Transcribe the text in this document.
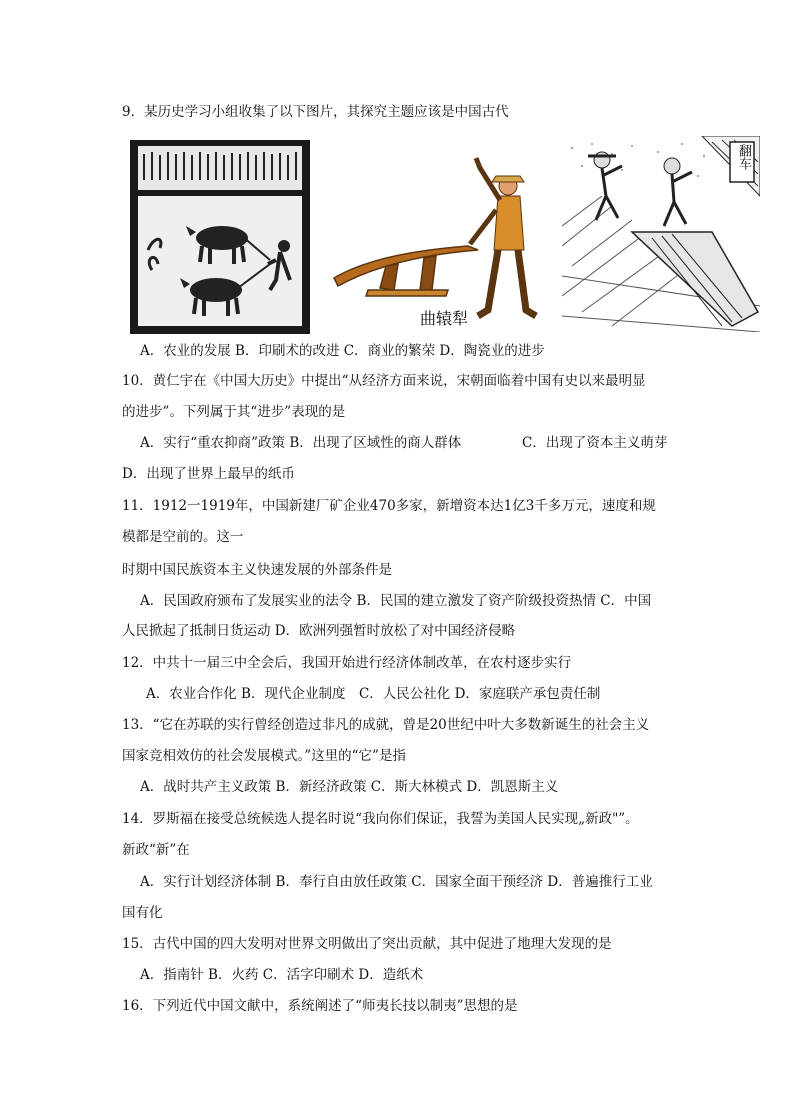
9．某历史学习小组收集了以下图片，其探究主题应该是中国古代
曲辕犁
翻车
A．农业的发展 B．印刷术的改进 C．商业的繁荣 D．陶瓷业的进步
10．黄仁宇在《中国大历史》中提出“从经济方面来说，宋朝面临着中国有史以来最明显
的进步”。下列属于其“进步”表现的是
A．实行“重农抑商”政策 B．出现了区域性的商人群体	C．出现了资本主义萌芽
D．出现了世界上最早的纸币
11．1912一1919年，中国新建厂矿企业470多家，新增资本达1亿3千多万元，速度和规
模都是空前的。这一
时期中国民族资本主义快速发展的外部条件是
A．民国政府颁布了发展实业的法令 B．民国的建立激发了资产阶级投资热情 C．中国
人民掀起了抵制日货运动 D．欧洲列强暂时放松了对中国经济侵略
12．中共十一届三中全会后，我国开始进行经济体制改革，在农村逐步实行
A．农业合作化 B．现代企业制度　C．人民公社化 D．家庭联产承包责任制
13．“它在苏联的实行曾经创造过非凡的成就，曾是20世纪中叶大多数新诞生的社会主义
国家竞相效仿的社会发展模式。”这里的“它”是指
A．战时共产主义政策 B．新经济政策 C．斯大林模式 D．凯恩斯主义
14．罗斯福在接受总统候选人提名时说“我向你们保证，我誓为美国人民实现„新政"”。
新政“新”在
A．实行计划经济体制 B．奉行自由放任政策 C．国家全面干预经济 D．普遍推行工业
国有化
15．古代中国的四大发明对世界文明做出了突出贡献，其中促进了地理大发现的是
A．指南针 B．火药 C．活字印刷术 D．造纸术
16．下列近代中国文献中，系统阐述了“师夷长技以制夷”思想的是
